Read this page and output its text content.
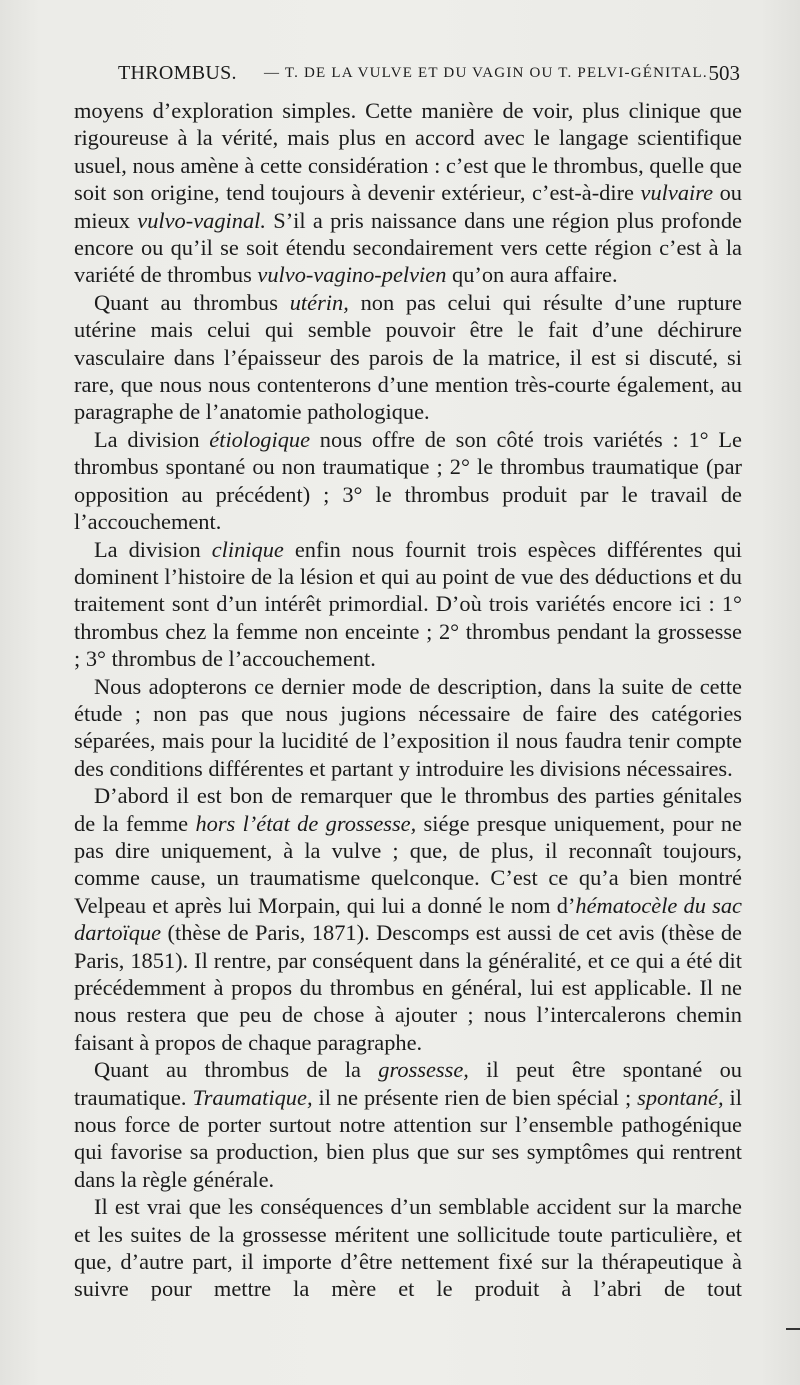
THROMBUS. — T. DE LA VULVE ET DU VAGIN OU T. PELVI-GÉNITAL. 503

moyens d’exploration simples. Cette manière de voir, plus clinique que rigoureuse à la vérité, mais plus en accord avec le langage scientifique usuel, nous amène à cette considération : c’est que le thrombus, quelle que soit son origine, tend toujours à devenir extérieur, c’est-à-dire vulvaire ou mieux vulvo-vaginal. S’il a pris naissance dans une région plus profonde encore ou qu’il se soit étendu secondairement vers cette région c’est à la variété de thrombus vulvo-vagino-pelvien qu’on aura affaire.

Quant au thrombus utérin, non pas celui qui résulte d’une rupture utérine mais celui qui semble pouvoir être le fait d’une déchirure vasculaire dans l’épaisseur des parois de la matrice, il est si discuté, si rare, que nous nous contenterons d’une mention très-courte également, au paragraphe de l’anatomie pathologique.

La division étiologique nous offre de son côté trois variétés : 1° Le thrombus spontané ou non traumatique ; 2° le thrombus traumatique (par opposition au précédent) ; 3° le thrombus produit par le travail de l’accouchement.

La division clinique enfin nous fournit trois espèces différentes qui dominent l’histoire de la lésion et qui au point de vue des déductions et du traitement sont d’un intérêt primordial. D’où trois variétés encore ici : 1° thrombus chez la femme non enceinte ; 2° thrombus pendant la grossesse ; 3° thrombus de l’accouchement.

Nous adopterons ce dernier mode de description, dans la suite de cette étude ; non pas que nous jugions nécessaire de faire des catégories séparées, mais pour la lucidité de l’exposition il nous faudra tenir compte des conditions différentes et partant y introduire les divisions nécessaires.

D’abord il est bon de remarquer que le thrombus des parties génitales de la femme hors l’état de grossesse, siége presque uniquement, pour ne pas dire uniquement, à la vulve ; que, de plus, il reconnaît toujours, comme cause, un traumatisme quelconque. C’est ce qu’a bien montré Velpeau et après lui Morpain, qui lui a donné le nom d’hématocèle du sac dartoïque (thèse de Paris, 1871). Descomps est aussi de cet avis (thèse de Paris, 1851). Il rentre, par conséquent dans la généralité, et ce qui a été dit précédemment à propos du thrombus en général, lui est applicable. Il ne nous restera que peu de chose à ajouter ; nous l’intercalerons chemin faisant à propos de chaque paragraphe.

Quant au thrombus de la grossesse, il peut être spontané ou traumatique. Traumatique, il ne présente rien de bien spécial ; spontané, il nous force de porter surtout notre attention sur l’ensemble pathogénique qui favorise sa production, bien plus que sur ses symptômes qui rentrent dans la règle générale.

Il est vrai que les conséquences d’un semblable accident sur la marche et les suites de la grossesse méritent une sollicitude toute particulière, et que, d’autre part, il importe d’être nettement fixé sur la thérapeutique à suivre pour mettre la mère et le produit à l’abri de tout
